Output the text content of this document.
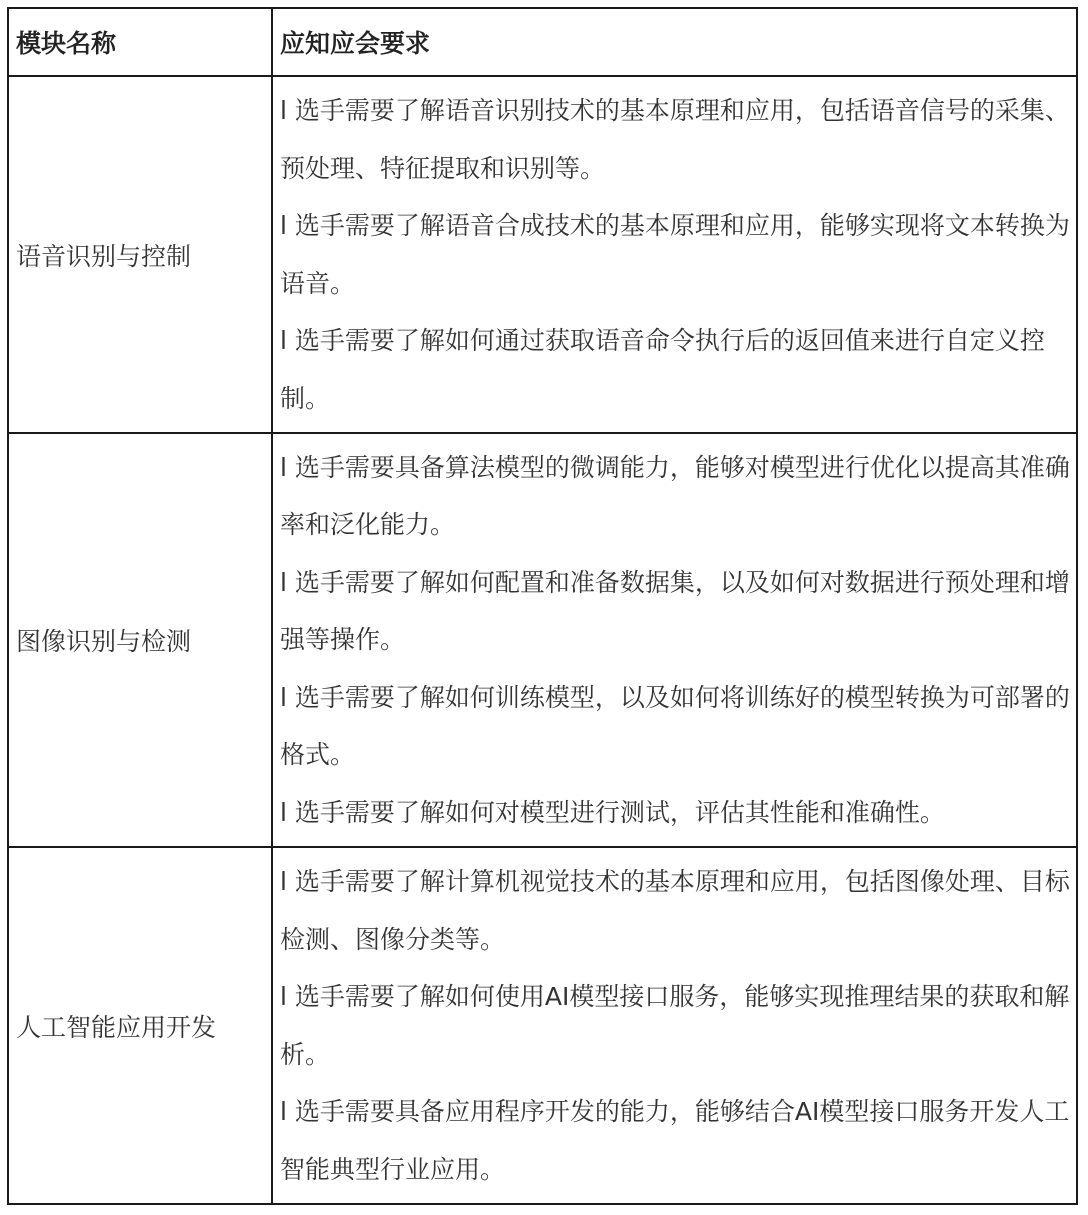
模块名称	应知应会要求
语音识别与控制	l 选手需要了解语音识别技术的基本原理和应用，包括语音信号的采集、预处理、特征提取和识别等。
l 选手需要了解语音合成技术的基本原理和应用，能够实现将文本转换为语音。
l 选手需要了解如何通过获取语音命令执行后的返回值来进行自定义控制。

图像识别与检测	l 选手需要具备算法模型的微调能力，能够对模型进行优化以提高其准确率和泛化能力。
l 选手需要了解如何配置和准备数据集，以及如何对数据进行预处理和增强等操作。
l 选手需要了解如何训练模型，以及如何将训练好的模型转换为可部署的格式。
l 选手需要了解如何对模型进行测试，评估其性能和准确性。

人工智能应用开发	l 选手需要了解计算机视觉技术的基本原理和应用，包括图像处理、目标检测、图像分类等。
l 选手需要了解如何使用AI模型接口服务，能够实现推理结果的获取和解析。
l 选手需要具备应用程序开发的能力，能够结合AI模型接口服务开发人工智能典型行业应用。
